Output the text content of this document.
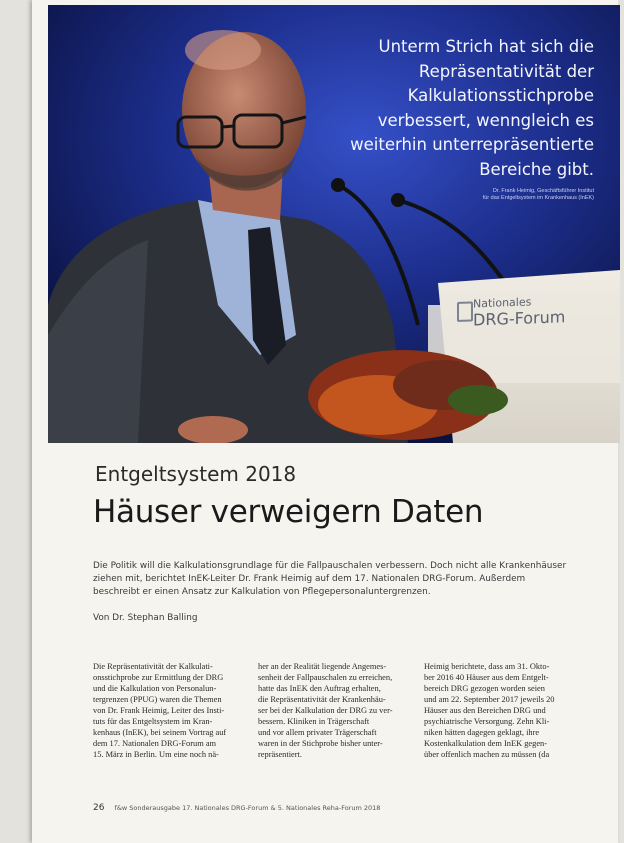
Nationales
DRG-Forum
Unterm Strich hat sich die
Repräsentativität der
Kalkulationsstichprobe
verbessert, wenngleich es
weiterhin unterrepräsentierte
Bereiche gibt.
Dr. Frank Heimig, Geschäftsführer Institut
für das Entgeltsystem im Krankenhaus (InEK)
Entgeltsystem 2018
Häuser verweigern Daten
Die Politik will die Kalkulationsgrundlage für die Fallpauschalen verbessern. Doch nicht alle Krankenhäuser ziehen mit, berichtet InEK-Leiter Dr. Frank Heimig auf dem 17. Nationalen DRG-Forum. Außerdem beschreibt er einen Ansatz zur Kalkulation von Pflegepersonaluntergrenzen.
Von Dr. Stephan Balling
Die Repräsentativität der Kalkulati-
onsstichprobe zur Ermittlung der DRG
und die Kalkulation von Personalun-
tergrenzen (PPUG) waren die Themen
von Dr. Frank Heimig, Leiter des Insti-
tuts für das Entgeltsystem im Kran-
kenhaus (InEK), bei seinem Vortrag auf
dem 17. Nationalen DRG-Forum am
15. März in Berlin. Um eine noch nä-
her an der Realität liegende Angemes-
senheit der Fallpauschalen zu erreichen,
hatte das InEK den Auftrag erhalten,
die Repräsentativität der Krankenhäu-
ser bei der Kalkulation der DRG zu ver-
bessern. Kliniken in Trägerschaft
und vor allem privater Trägerschaft
waren in der Stichprobe bisher unter-
repräsentiert.
Heimig berichtete, dass am 31. Okto-
ber 2016 40 Häuser aus dem Entgelt-
bereich DRG gezogen worden seien
und am 22. September 2017 jeweils 20
Häuser aus den Bereichen DRG und
psychiatrische Versorgung. Zehn Kli-
niken hätten dagegen geklagt, ihre
Kostenkalkulation dem InEK gegen-
über offenlich machen zu müssen (da
26 f&w Sonderausgabe 17. Nationales DRG-Forum & 5. Nationales Reha-Forum 2018
